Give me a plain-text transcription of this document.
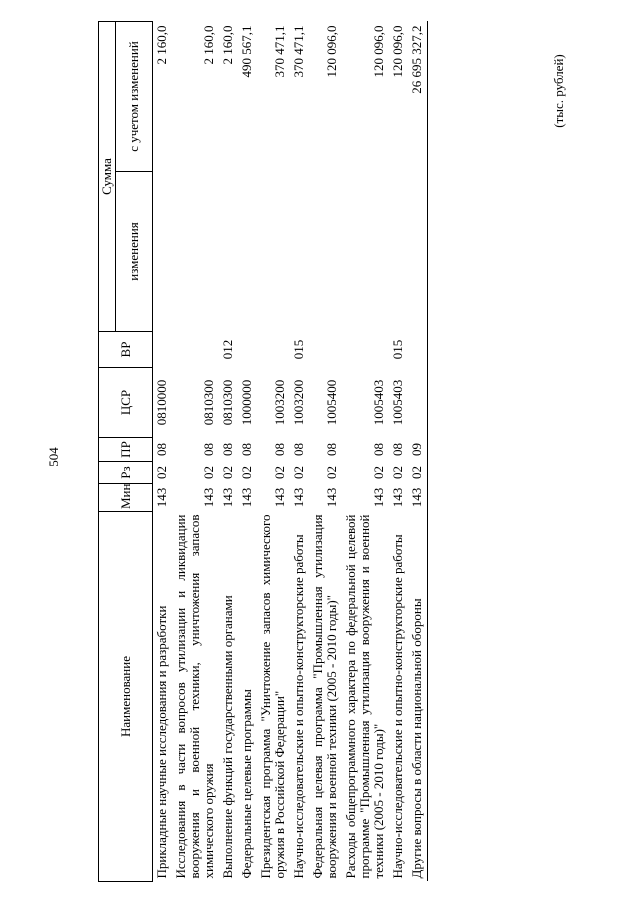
504
(тыс. рублей)
Наименование	Мин	Рз	ПР	ЦСР	ВР	Сумма	
						изменения	с учетом изменений
Прикладные научные исследования и разработки	143	02	08	0810000			2 160,0
Исследования в части вопросов утилизации и ликвидации вооружения и военной техники, уничтожения запасов химического оружия	143	02	08	0810300			2 160,0
Выполнение функций государственными органами	143	02	08	0810300	012		2 160,0
Федеральные целевые программы	143	02	08	1000000			490 567,1
Президентская программа "Уничтожение запасов химического оружия в Российской Федерации"	143	02	08	1003200			370 471,1
Научно-исследовательские и опытно-конструкторские работы	143	02	08	1003200	015		370 471,1
Федеральная целевая программа "Промышленная утилизация вооружения и военной техники (2005 - 2010 годы)"	143	02	08	1005400			120 096,0
Расходы общепрограммного характера по федеральной целевой программе "Промышленная утилизация вооружения и военной техники (2005 - 2010 годы)"	143	02	08	1005403			120 096,0
Научно-исследовательские и опытно-конструкторские работы	143	02	08	1005403	015		120 096,0
Другие вопросы в области национальной обороны	143	02	09				26 695 327,2
